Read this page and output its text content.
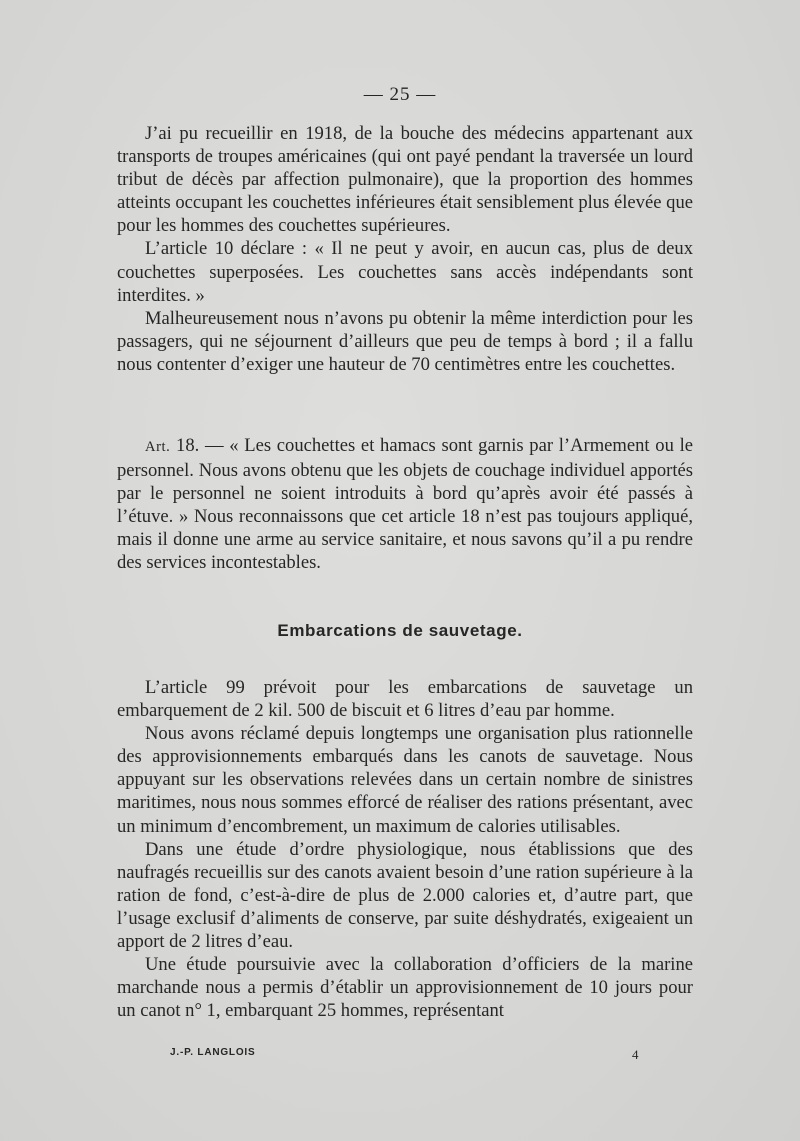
— 25 —

J’ai pu recueillir en 1918, de la bouche des médecins appartenant aux transports de troupes américaines (qui ont payé pendant la traversée un lourd tribut de décès par affection pulmonaire), que la proportion des hommes atteints occupant les couchettes inférieures était sensiblement plus élevée que pour les hommes des couchettes supérieures.

L’article 10 déclare : « Il ne peut y avoir, en aucun cas, plus de deux couchettes superposées. Les couchettes sans accès indépendants sont interdites. »

Malheureusement nous n’avons pu obtenir la même interdiction pour les passagers, qui ne séjournent d’ailleurs que peu de temps à bord ; il a fallu nous contenter d’exiger une hauteur de 70 centimètres entre les couchettes.

Art. 18. — « Les couchettes et hamacs sont garnis par l’Armement ou le personnel. Nous avons obtenu que les objets de couchage individuel apportés par le personnel ne soient introduits à bord qu’après avoir été passés à l’étuve. » Nous reconnaissons que cet article 18 n’est pas toujours appliqué, mais il donne une arme au service sanitaire, et nous savons qu’il a pu rendre des services incontestables.

Embarcations de sauvetage.

L’article 99 prévoit pour les embarcations de sauvetage un embarquement de 2 kil. 500 de biscuit et 6 litres d’eau par homme.

Nous avons réclamé depuis longtemps une organisation plus rationnelle des approvisionnements embarqués dans les canots de sauvetage. Nous appuyant sur les observations relevées dans un certain nombre de sinistres maritimes, nous nous sommes efforcé de réaliser des rations présentant, avec un minimum d’encombrement, un maximum de calories utilisables.

Dans une étude d’ordre physiologique, nous établissions que des naufragés recueillis sur des canots avaient besoin d’une ration supérieure à la ration de fond, c’est-à-dire de plus de 2.000 calories et, d’autre part, que l’usage exclusif d’aliments de conserve, par suite déshydratés, exigeaient un apport de 2 litres d’eau.

Une étude poursuivie avec la collaboration d’officiers de la marine marchande nous a permis d’établir un approvisionnement de 10 jours pour un canot n° 1, embarquant 25 hommes, représentant

J.-P. LANGLOIS	4
